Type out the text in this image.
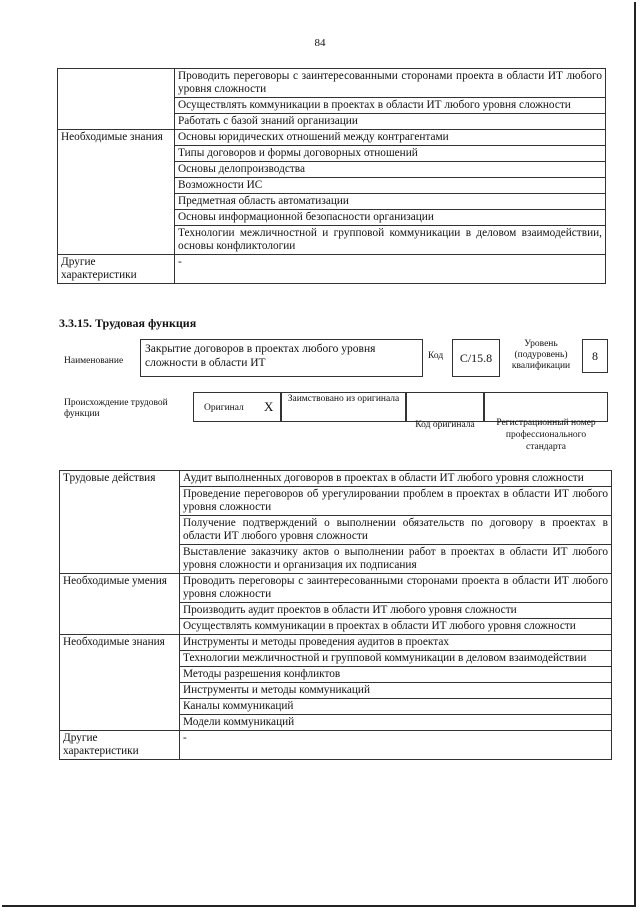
84
	Проводить переговоры с заинтересованными сторонами проекта в области ИТ любого уровня сложности
	Осуществлять коммуникации в проектах в области ИТ любого уровня сложности
	Работать с базой знаний организации
Необходимые знания	Основы юридических отношений между контрагентами
	Типы договоров и формы договорных отношений
	Основы делопроизводства
	Возможности ИС
	Предметная область автоматизации
	Основы информационной безопасности организации
	Технологии межличностной и групповой коммуникации в деловом взаимодействии, основы конфликтологии
Другие характеристики	-
3.3.15. Трудовая функция
Наименование
Закрытие договоров в проектах любого уровня сложности в области ИТ
Код	С/15.8
Уровень (подуровень) квалификации
8
Происхождение трудовой функции
Оригинал Х	Заимствовано из оригинала
Код оригинала	Регистрационный номер профессионального стандарта
Трудовые действия	Аудит выполненных договоров в проектах в области ИТ любого уровня сложности
	Проведение переговоров об урегулировании проблем в проектах в области ИТ любого уровня сложности
	Получение подтверждений о выполнении обязательств по договору в проектах в области ИТ любого уровня сложности
	Выставление заказчику актов о выполнении работ в проектах в области ИТ любого уровня сложности и организация их подписания
Необходимые умения	Проводить переговоры с заинтересованными сторонами проекта в области ИТ любого уровня сложности
	Производить аудит проектов в области ИТ любого уровня сложности
	Осуществлять коммуникации в проектах в области ИТ любого уровня сложности
Необходимые знания	Инструменты и методы проведения аудитов в проектах
	Технологии межличностной и групповой коммуникации в деловом взаимодействии
	Методы разрешения конфликтов
	Инструменты и методы коммуникаций
	Каналы коммуникаций
	Модели коммуникаций
Другие характеристики	-
